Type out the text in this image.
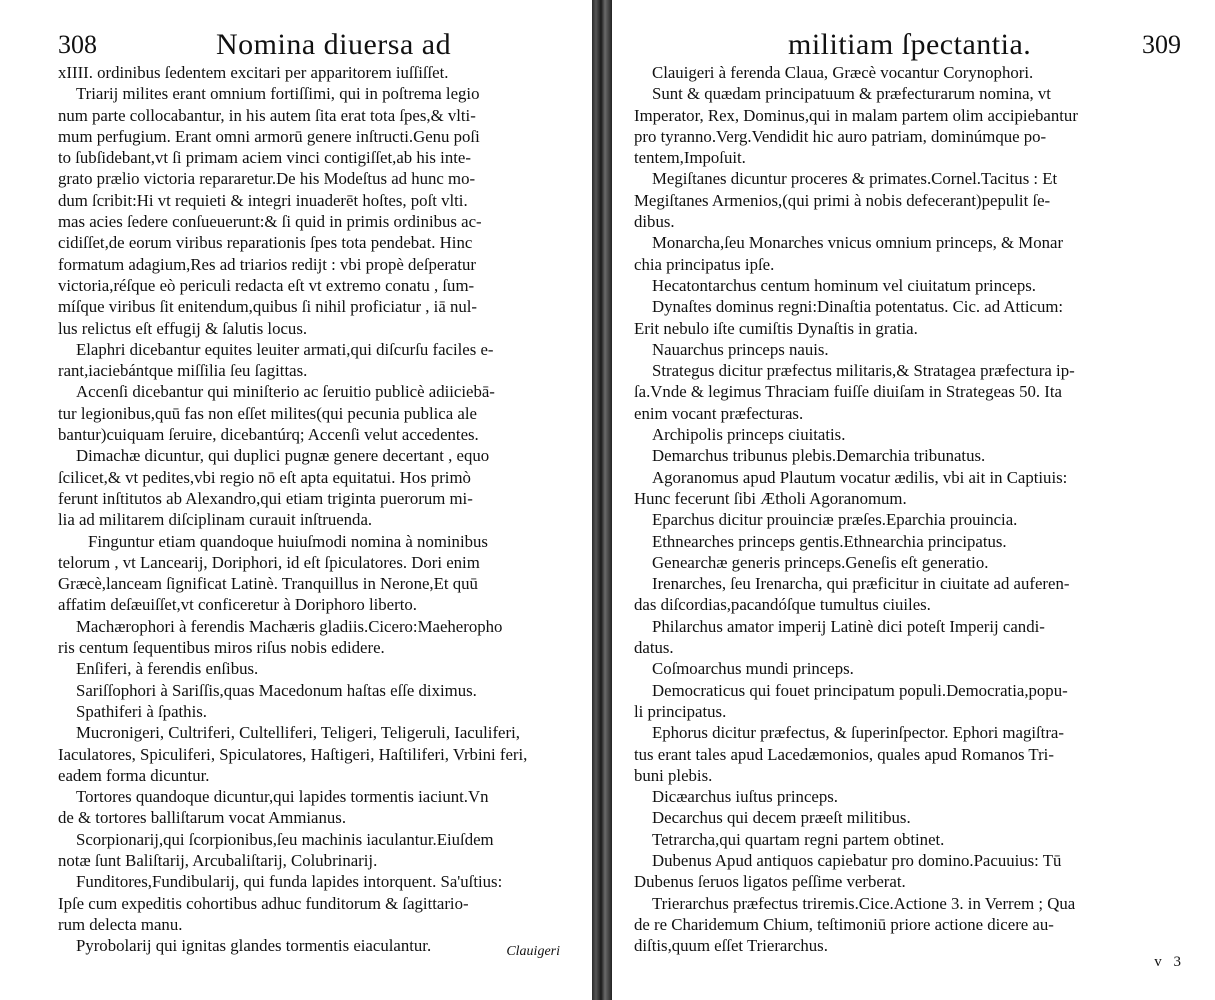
308	Nomina diuersa ad
xIIII. ordinibus ſedentem excitari per apparitorem iuſſiſſet.
Triarij milites erant omnium fortiſſimi, qui in poſtrema legio
num parte collocabantur, in his autem ſita erat tota ſpes,& vlti-
mum perfugium. Erant omni armorū genere inſtructi.Genu poſi
to ſubſidebant,vt ſi primam aciem vinci contigiſſet,ab his inte-
grato prælio victoria repararetur.De his Modeſtus ad hunc mo-
dum ſcribit:Hi vt requieti & integri inuaderēt hoſtes, poſt vlti.
mas acies ſedere conſueuerunt:& ſi quid in primis ordinibus ac-
cidiſſet,de eorum viribus reparationis ſpes tota pendebat. Hinc
formatum adagium,Res ad triarios redijt : vbi propè deſperatur
victoria,réſque eò periculi redacta eſt vt extremo conatu , ſum-
míſque viribus ſit enitendum,quibus ſi nihil proficiatur , iā nul-
lus relictus eſt effugij & ſalutis locus.
Elaphri dicebantur equites leuiter armati,qui diſcurſu faciles e-
rant,iaciebántque miſſilia ſeu ſagittas.
Accenſi dicebantur qui miniſterio ac ſeruitio publicè adiiciebā-
tur legionibus,quū fas non eſſet milites(qui pecunia publica ale
bantur)cuiquam ſeruire, dicebantúrq; Accenſi velut accedentes.
Dimachæ dicuntur, qui duplici pugnæ genere decertant , equo
ſcilicet,& vt pedites,vbi regio nō eſt apta equitatui. Hos primò
ferunt inſtitutos ab Alexandro,qui etiam triginta puerorum mi-
lia ad militarem diſciplinam curauit inſtruenda.
Finguntur etiam quandoque huiuſmodi nomina à nominibus
telorum , vt Lancearij, Doriphori, id eſt ſpiculatores. Dori enim
Græcè,lanceam ſignificat Latinè. Tranquillus in Nerone,Et quū
affatim deſæuiſſet,vt conficeretur à Doriphoro liberto.
Machærophori à ferendis Machæris gladiis.Cicero:Maeherophο
ris centum ſequentibus miros riſus nobis edidere.
Enſiferi, à ferendis enſibus.
Sariſſophori à Sariſſis,quas Macedonum haſtas eſſe diximus.
Spathiferi à ſpathis.
Mucronigeri, Cultriferi, Cultelliferi, Teligeri, Teligeruli, Iaculiferi,
Iaculatores, Spiculiferi, Spiculatores, Haſtigeri, Haſtiliferi, Vrbini feri,
eadem forma dicuntur.
Tortores quandoque dicuntur,qui lapides tormentis iaciunt.Vn
de & tortores balliſtarum vocat Ammianus.
Scorpionarij,qui ſcorpionibus,ſeu machinis iaculantur.Eiuſdem
notæ ſunt Baliſtarij, Arcubaliſtarij, Colubrinarij.
Funditores,Fundibularij, qui funda lapides intorquent. Sa'uſtius:
Ipſe cum expeditis cohortibus adhuc funditorum & ſagittario-
rum delecta manu.
Pyrobolarij qui ignitas glandes tormentis eiaculantur.	Clauigeri
militiam ſpectantia.	309
Clauigeri à ferenda Claua, Græcè vocantur Corynophori.
Sunt & quædam principatuum & præfecturarum nomina, vt
Imperator, Rex, Dominus,qui in malam partem olim accipiebantur
pro tyranno.Verg.Vendidit hic auro patriam, dominúmque po-
tentem,Impoſuit.
Megiſtanes dicuntur proceres & primates.Cornel.Tacitus : Et
Megiſtanes Armenios,(qui primi à nobis defecerant)pepulit ſe-
dibus.
Monarcha,ſeu Monarches vnicus omnium princeps, & Monar
chia principatus ipſe.
Hecatontarchus centum hominum vel ciuitatum princeps.
Dynaſtes dominus regni:Dinaſtia potentatus. Cic. ad Atticum:
Erit nebulo iſte cumiſtis Dynaſtis in gratia.
Nauarchus princeps nauis.
Strategus dicitur præfectus militaris,& Stratagea præfectura ip-
ſa.Vnde & legimus Thraciam fuiſſe diuiſam in Strategeas 50. Ita
enim vocant præfecturas.
Archipolis princeps ciuitatis.
Demarchus tribunus plebis.Demarchia tribunatus.
Agoranomus apud Plautum vocatur ædilis, vbi ait in Captiuis:
Hunc fecerunt ſibi Ætholi Agoranomum.
Eparchus dicitur prouinciæ præſes.Eparchia prouincia.
Ethnearches princeps gentis.Ethnearchia principatus.
Genearchæ generis princeps.Geneſis eſt generatio.
Irenarches, ſeu Irenarcha, qui præficitur in ciuitate ad auferen-
das diſcordias,pacandóſque tumultus ciuiles.
Philarchus amator imperij Latinè dici poteſt Imperij candi-
datus.
Coſmoarchus mundi princeps.
Democraticus qui fouet principatum populi.Democratia,popu-
li principatus.
Ephorus dicitur præfectus, & ſuperinſpector. Ephori magiſtra-
tus erant tales apud Lacedæmonios, quales apud Romanos Tri-
buni plebis.
Dicæarchus iuſtus princeps.
Decarchus qui decem præeſt militibus.
Tetrarcha,qui quartam regni partem obtinet.
Dubenus Apud antiquos capiebatur pro domino.Pacuuius: Tū
Dubenus ſeruos ligatos peſſime verberat.
Trierarchus præfectus triremis.Cice.Actione 3. in Verrem ; Qua
de re Charidemum Chium, teſtimoniū priore actione dicere au-
diſtis,quum eſſet Trierarchus.
v 3
